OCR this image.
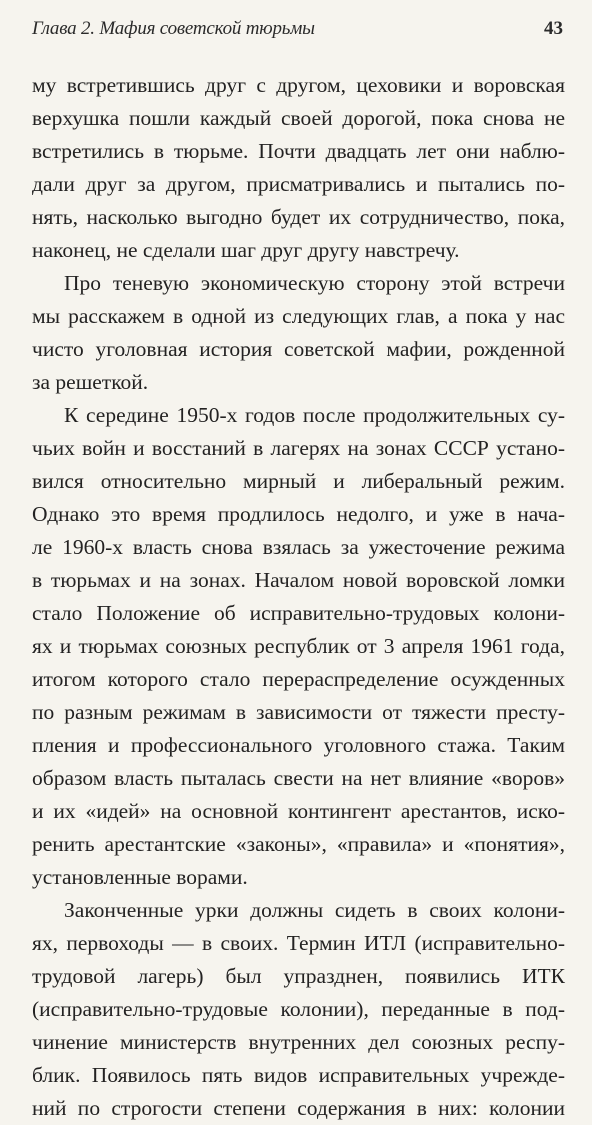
Глава 2. Мафия советской тюрьмы	43
му встретившись друг с другом, цеховики и воровская
верхушка пошли каждый своей дорогой, пока снова не
встретились в тюрьме. Почти двадцать лет они наблю-
дали друг за другом, присматривались и пытались по-
нять, насколько выгодно будет их сотрудничество, пока,
наконец, не сделали шаг друг другу навстречу.
Про теневую экономическую сторону этой встречи
мы расскажем в одной из следующих глав, а пока у нас
чисто уголовная история советской мафии, рожденной
за решеткой.
К середине 1950-х годов после продолжительных су-
чьих войн и восстаний в лагерях на зонах СССР устано-
вился относительно мирный и либеральный режим.
Однако это время продлилось недолго, и уже в нача-
ле 1960-х власть снова взялась за ужесточение режима
в тюрьмах и на зонах. Началом новой воровской ломки
стало Положение об исправительно-трудовых колони-
ях и тюрьмах союзных республик от 3 апреля 1961 года,
итогом которого стало перераспределение осужденных
по разным режимам в зависимости от тяжести престу-
пления и профессионального уголовного стажа. Таким
образом власть пыталась свести на нет влияние «воров»
и их «идей» на основной контингент арестантов, иско-
ренить арестантские «законы», «правила» и «понятия»,
установленные ворами.
Законченные урки должны сидеть в своих колони-
ях, первоходы — в своих. Термин ИТЛ (исправительно-
трудовой лагерь) был упразднен, появились ИТК
(исправительно-трудовые колонии), переданные в под-
чинение министерств внутренних дел союзных респу-
блик. Появилось пять видов исправительных учрежде-
ний по строгости степени содержания в них: колонии
